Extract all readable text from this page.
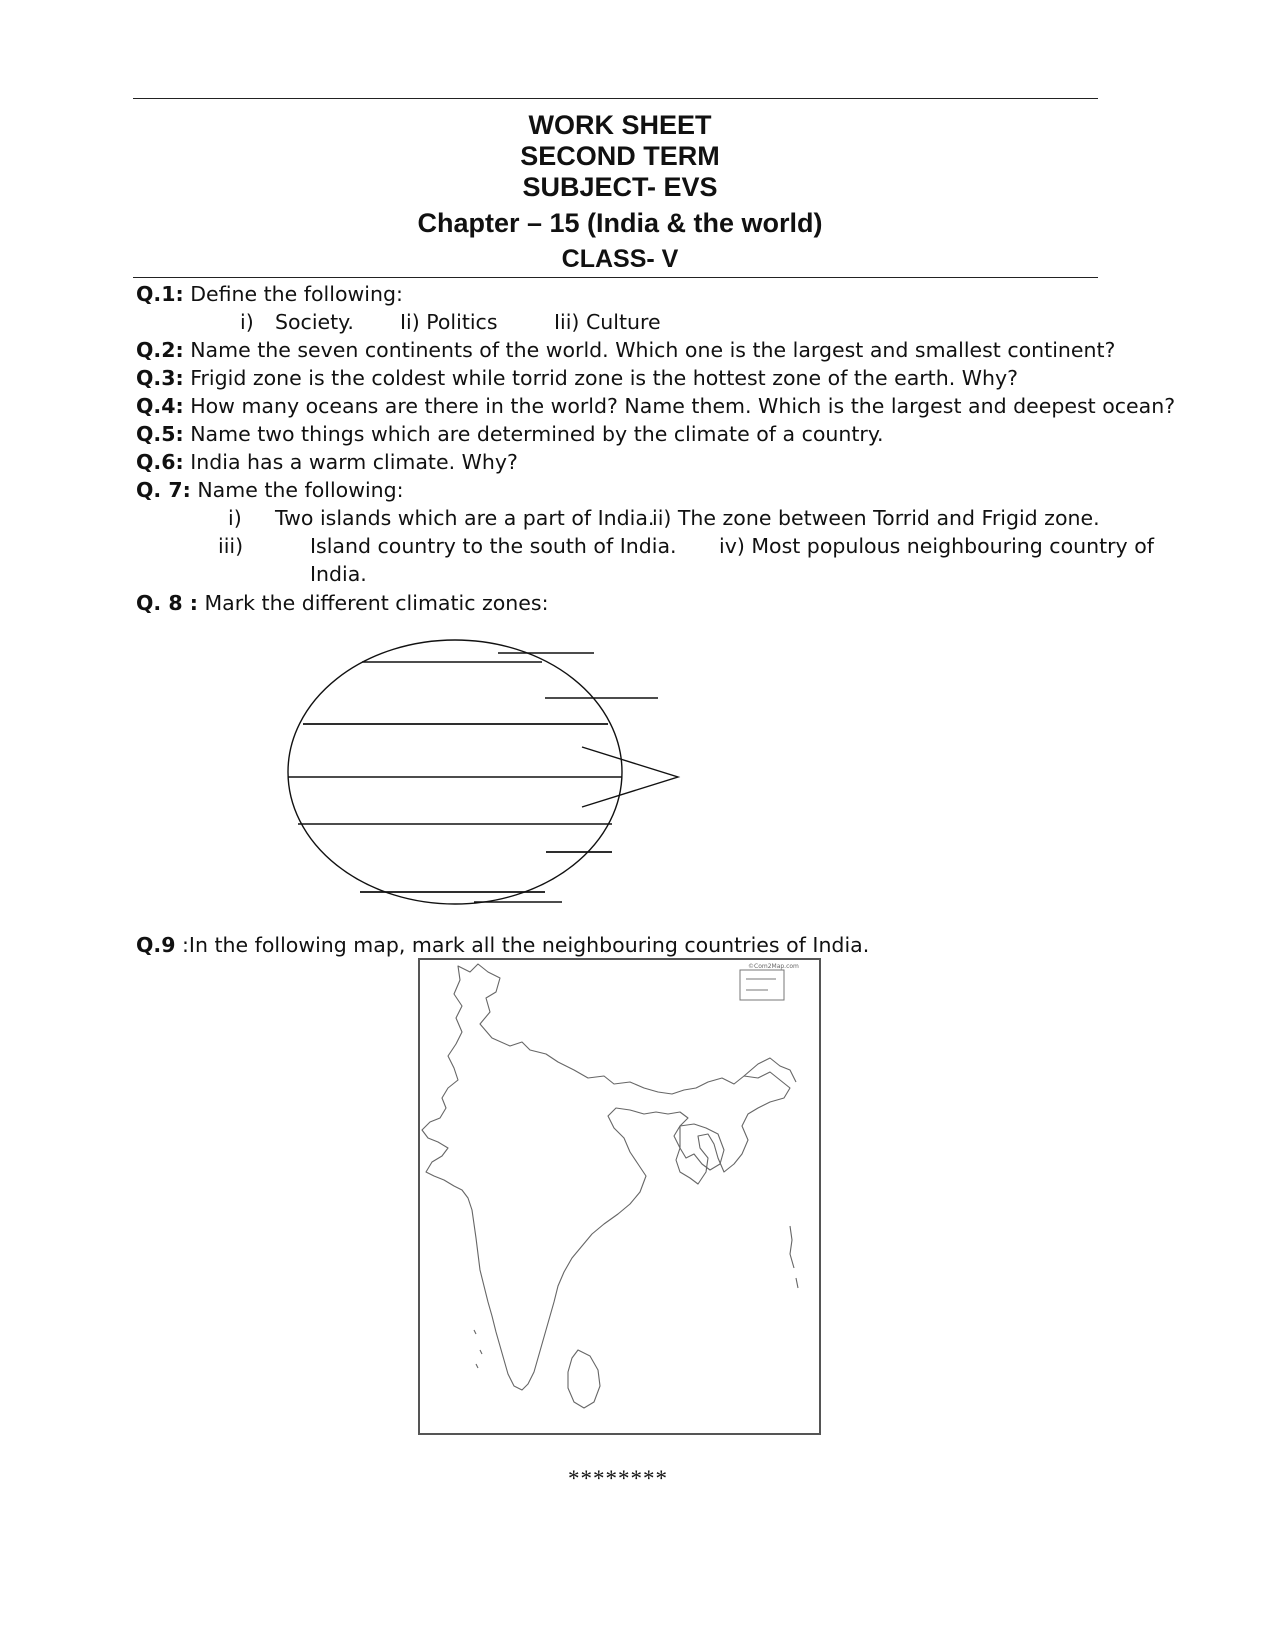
WORK SHEET
SECOND TERM
SUBJECT- EVS
Chapter – 15 (India & the world)
CLASS- V
Q.1: Define the following:
i) Society. Ii) Politics	Iii) Culture
Q.2: Name the seven continents of the world. Which one is the largest and smallest continent?
Q.3: Frigid zone is the coldest while torrid zone is the hottest zone of the earth. Why?
Q.4: How many oceans are there in the world? Name them. Which is the largest and deepest ocean?
Q.5: Name two things which are determined by the climate of a country.
Q.6: India has a warm climate. Why?
Q. 7: Name the following:
i) Two islands which are a part of India.
ii) The zone between Torrid and Frigid zone.
iii)	Island country to the south of India. iv) Most populous neighbouring country of
India.
Q. 8 : Mark the different climatic zones:
Q.9 :In the following map, mark all the neighbouring countries of India.
©Com2Map.com
********
